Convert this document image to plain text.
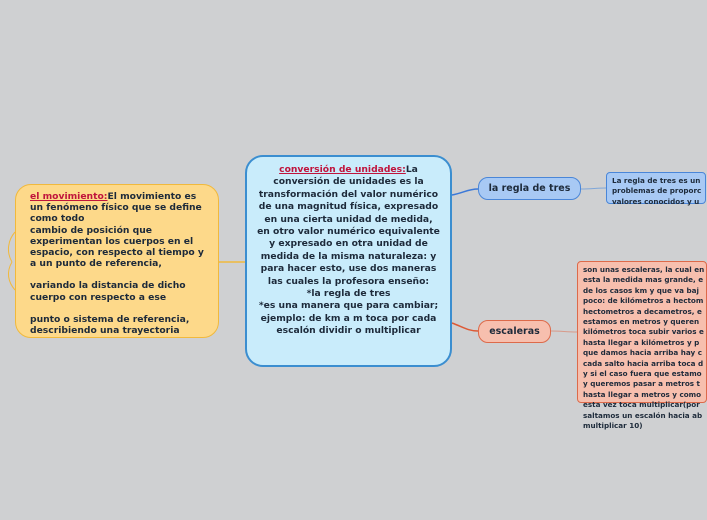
conversión de unidades:La conversión de unidades es la transformación del valor numérico de una magnitud física, expresado en una cierta unidad de medida, en otro valor numérico equivalente y expresado en otra unidad de medida de la misma naturaleza: y para hacer esto, use dos maneras las cuales la profesora enseño:
*la regla de tres
*es una manera que para cambiar; ejemplo: de km a m toca por cada escalón dividir o multiplicar

el movimiento:El movimiento es un fenómeno físico que se define como todo

cambio de posición que experimentan los cuerpos en el espacio, con respecto al tiempo y a un punto de referencia,

variando la distancia de dicho cuerpo con respecto a ese

punto o sistema de referencia, describiendo una trayectoria

la regla de tres
escaleras
La regla de tres es un
problemas de proporc
valores conocidos y u
son unas escaleras, la cual en
esta la medida mas grande, e
de los casos km y que va baj
poco: de kilómetros a hectom
hectometros a decametros, e
estamos en metros y queren
kilómetros toca subir varios e
hasta llegar a kilómetros y p
que damos hacia arriba hay c
cada salto hacia arriba toca d
y si el caso fuera que estamo
y queremos pasar a metros t
hasta llegar a metros y como
esta vez toca multiplicar(por
saltamos un escalón hacia ab
multiplicar 10)
